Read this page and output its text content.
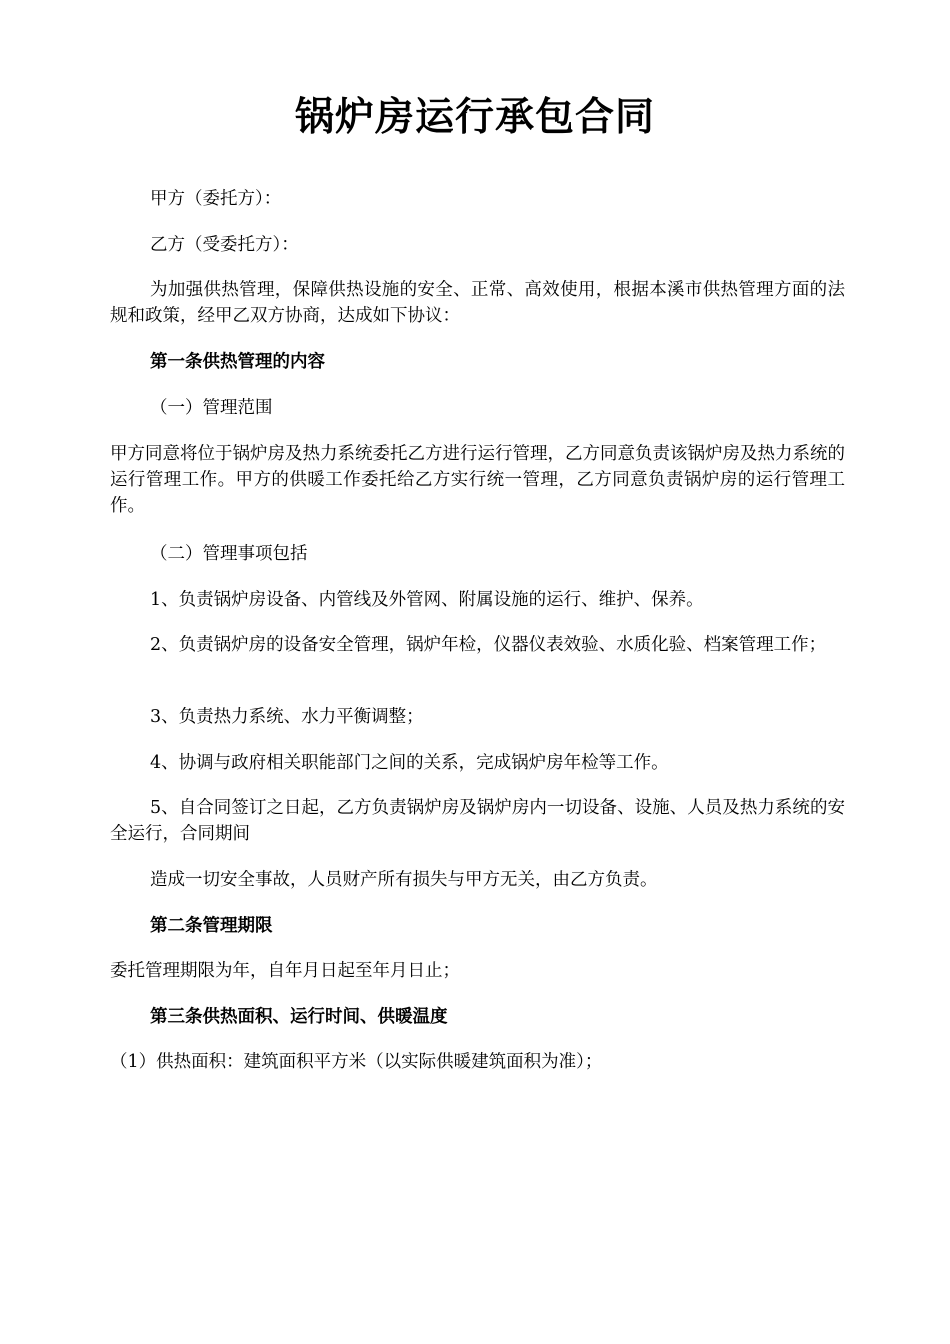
锅炉房运行承包合同

甲方（委托方）：

乙方（受委托方）：

为加强供热管理，保障供热设施的安全、正常、高效使用，根据本溪市供热管理方面的法规和政策，经甲乙双方协商，达成如下协议：

第一条供热管理的内容

（一）管理范围

甲方同意将位于锅炉房及热力系统委托乙方进行运行管理，乙方同意负责该锅炉房及热力系统的运行管理工作。甲方的供暖工作委托给乙方实行统一管理，乙方同意负责锅炉房的运行管理工作。

（二）管理事项包括

1、负责锅炉房设备、内管线及外管网、附属设施的运行、维护、保养。

2、负责锅炉房的设备安全管理，锅炉年检，仪器仪表效验、水质化验、档案管理工作；

3、负责热力系统、水力平衡调整；

4、协调与政府相关职能部门之间的关系，完成锅炉房年检等工作。

5、自合同签订之日起，乙方负责锅炉房及锅炉房内一切设备、设施、人员及热力系统的安全运行，合同期间

造成一切安全事故，人员财产所有损失与甲方无关，由乙方负责。

第二条管理期限

委托管理期限为年，自年月日起至年月日止；

第三条供热面积、运行时间、供暖温度

（1）供热面积：建筑面积平方米（以实际供暖建筑面积为准）；
